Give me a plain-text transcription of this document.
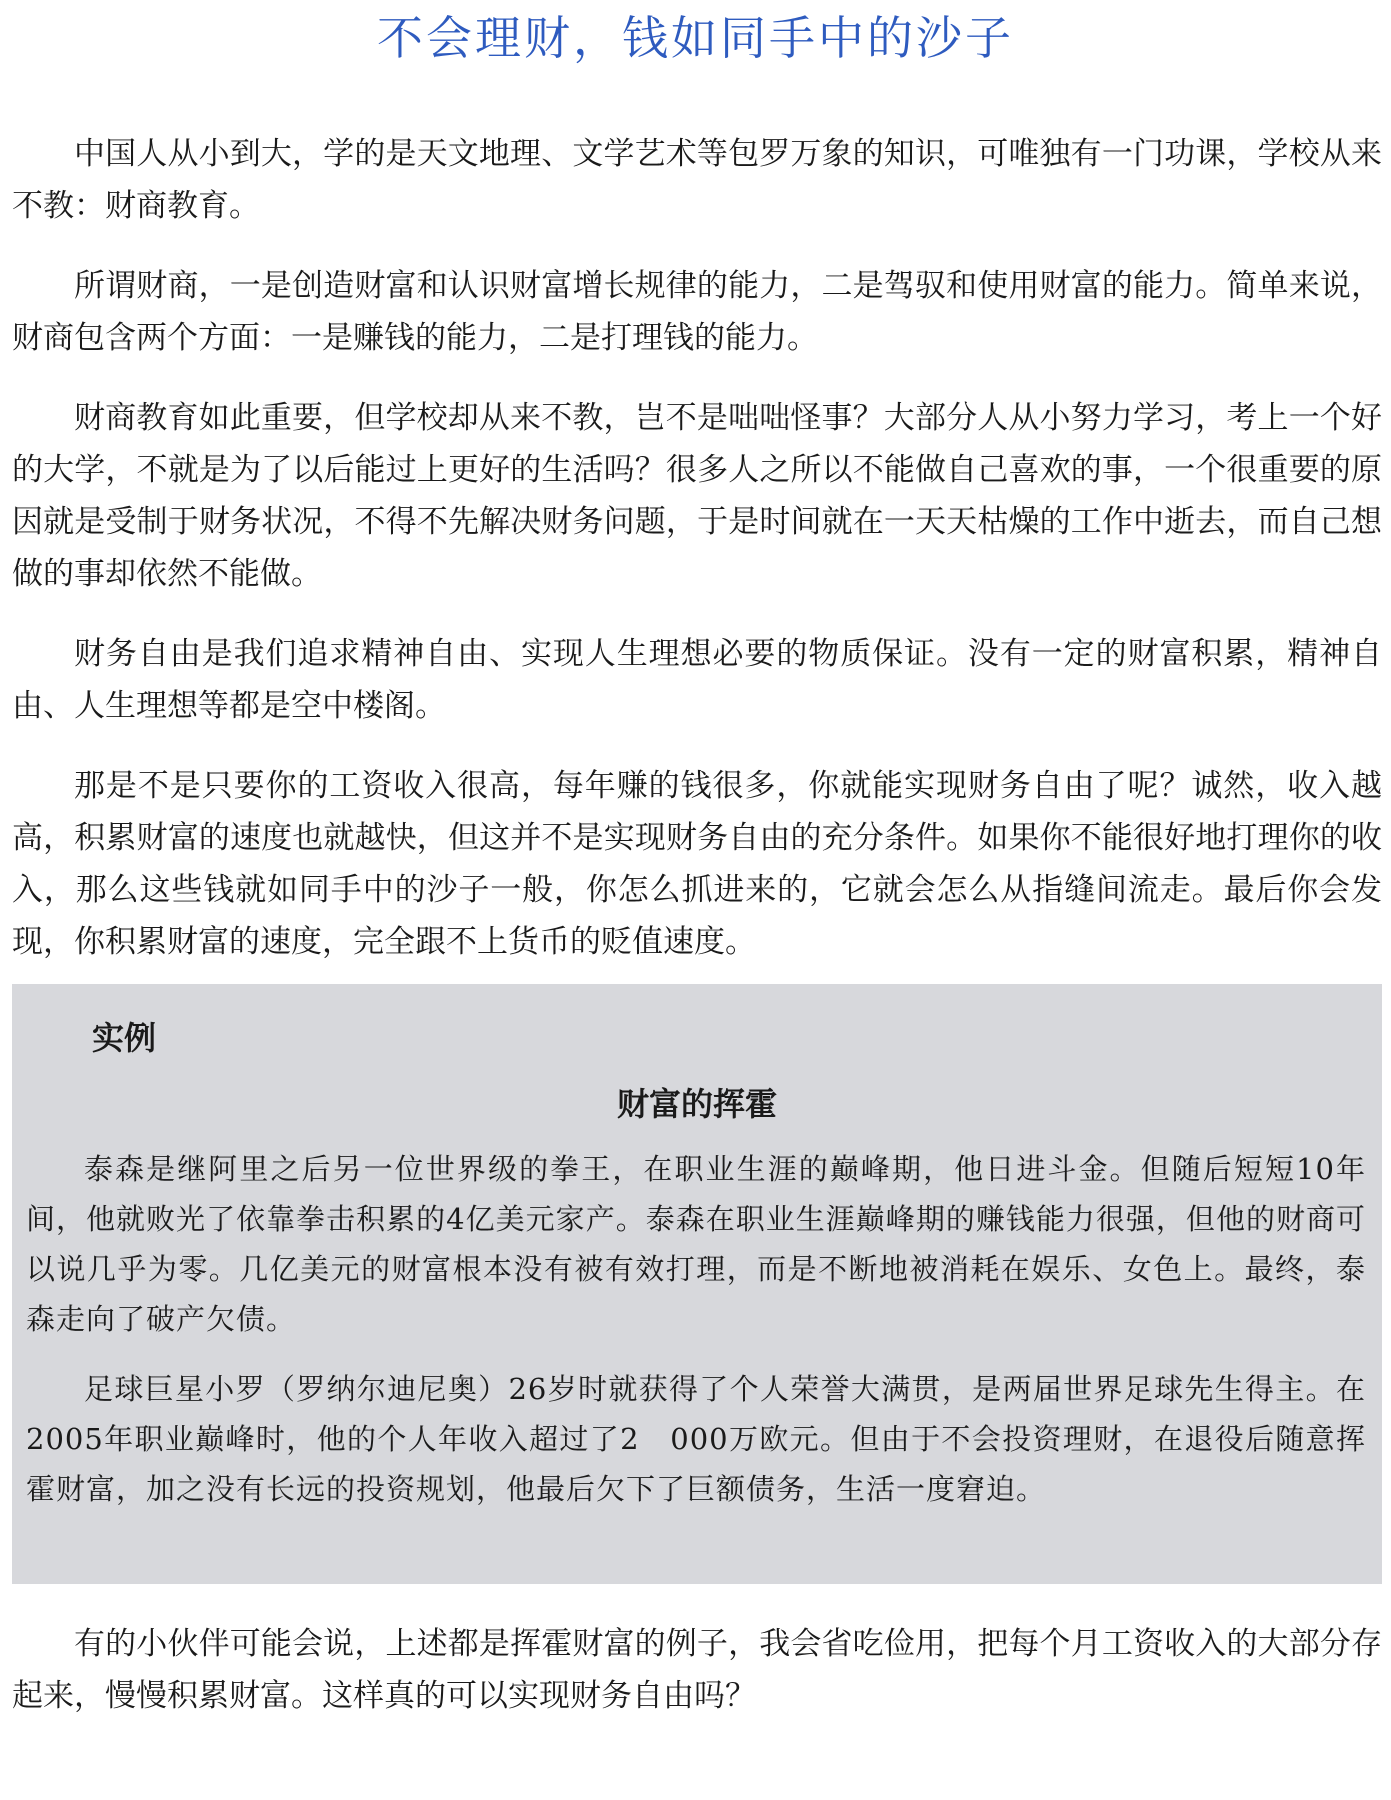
不会理财，钱如同手中的沙子

中国人从小到大，学的是天文地理、文学艺术等包罗万象的知识，可唯独有一门功课，学校从来不教：财商教育。

所谓财商，一是创造财富和认识财富增长规律的能力，二是驾驭和使用财富的能力。简单来说，财商包含两个方面：一是赚钱的能力，二是打理钱的能力。

财商教育如此重要，但学校却从来不教，岂不是咄咄怪事？大部分人从小努力学习，考上一个好的大学，不就是为了以后能过上更好的生活吗？很多人之所以不能做自己喜欢的事，一个很重要的原因就是受制于财务状况，不得不先解决财务问题，于是时间就在一天天枯燥的工作中逝去，而自己想做的事却依然不能做。

财务自由是我们追求精神自由、实现人生理想必要的物质保证。没有一定的财富积累，精神自由、人生理想等都是空中楼阁。

那是不是只要你的工资收入很高，每年赚的钱很多，你就能实现财务自由了呢？诚然，收入越高，积累财富的速度也就越快，但这并不是实现财务自由的充分条件。如果你不能很好地打理你的收入，那么这些钱就如同手中的沙子一般，你怎么抓进来的，它就会怎么从指缝间流走。最后你会发现，你积累财富的速度，完全跟不上货币的贬值速度。

实例

财富的挥霍

泰森是继阿里之后另一位世界级的拳王，在职业生涯的巅峰期，他日进斗金。但随后短短10年间，他就败光了依靠拳击积累的4亿美元家产。泰森在职业生涯巅峰期的赚钱能力很强，但他的财商可以说几乎为零。几亿美元的财富根本没有被有效打理，而是不断地被消耗在娱乐、女色上。最终，泰森走向了破产欠债。

足球巨星小罗（罗纳尔迪尼奥）26岁时就获得了个人荣誉大满贯，是两届世界足球先生得主。在2005年职业巅峰时，他的个人年收入超过了2　000万欧元。但由于不会投资理财，在退役后随意挥霍财富，加之没有长远的投资规划，他最后欠下了巨额债务，生活一度窘迫。

有的小伙伴可能会说，上述都是挥霍财富的例子，我会省吃俭用，把每个月工资收入的大部分存起来，慢慢积累财富。这样真的可以实现财务自由吗？
